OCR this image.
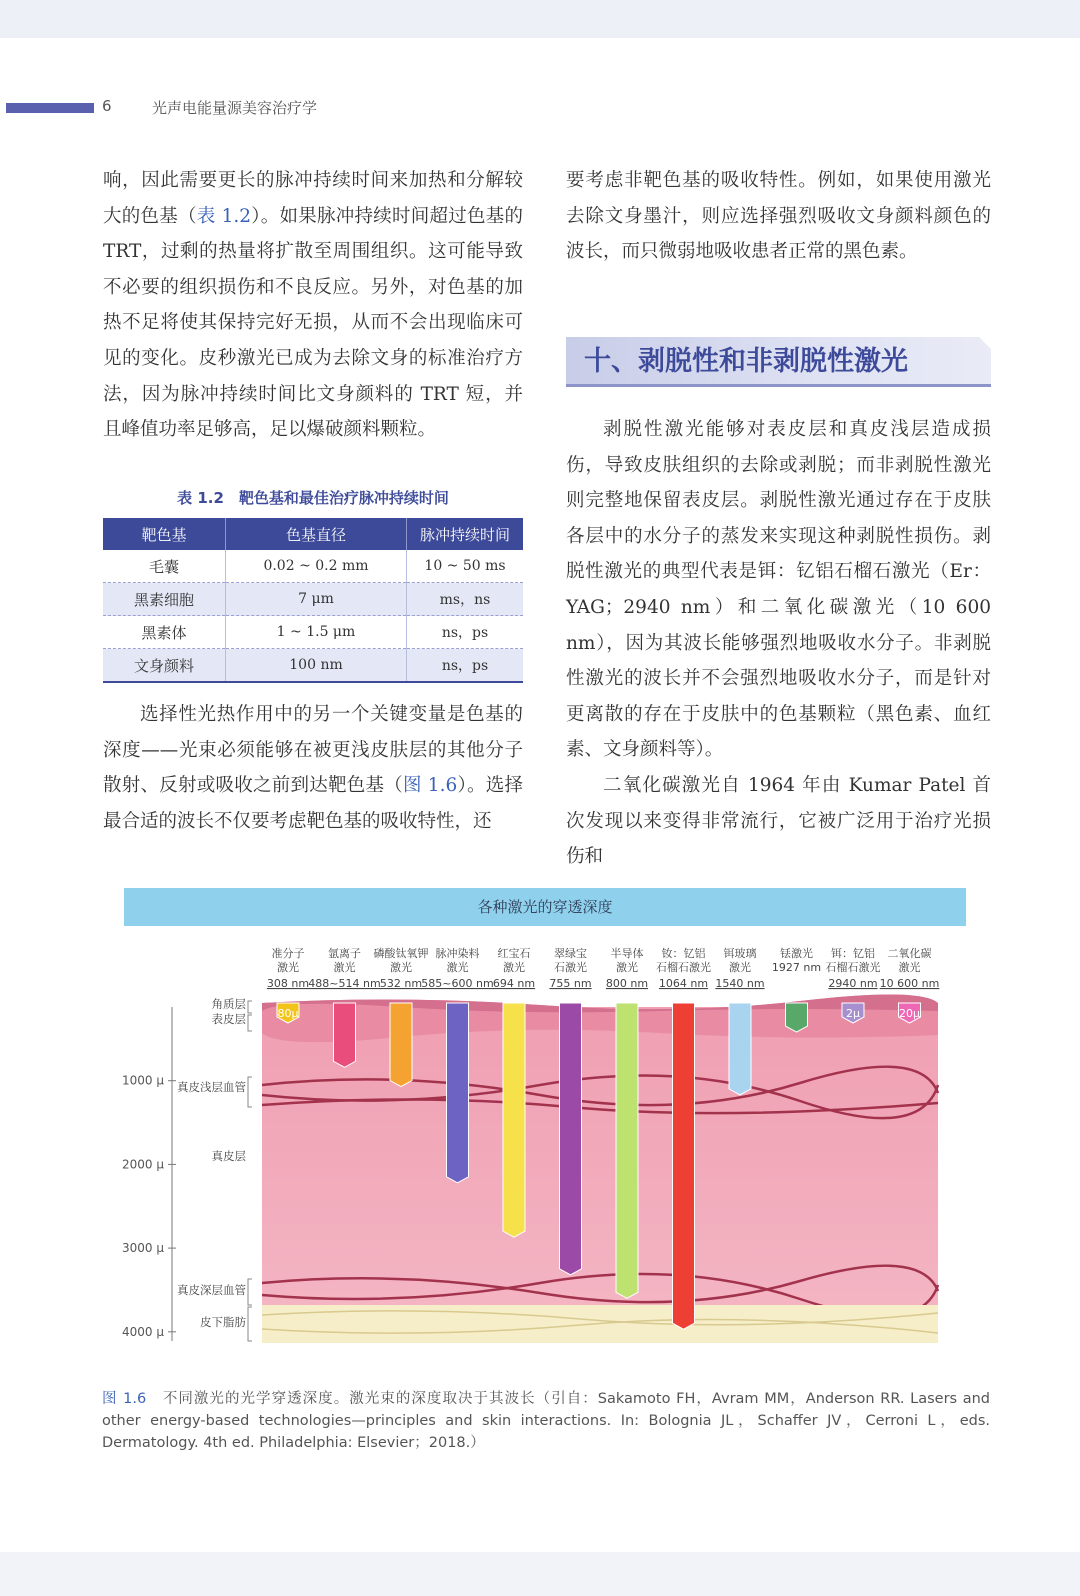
6	光声电能量源美容治疗学

响，因此需要更长的脉冲持续时间来加热和分解较大的色基（表 1.2）。如果脉冲持续时间超过色基的 TRT，过剩的热量将扩散至周围组织。这可能导致不必要的组织损伤和不良反应。另外，对色基的加热不足将使其保持完好无损，从而不会出现临床可见的变化。皮秒激光已成为去除文身的标准治疗方法，因为脉冲持续时间比文身颜料的 TRT 短，并且峰值功率足够高，足以爆破颜料颗粒。

表 1.2　靶色基和最佳治疗脉冲持续时间
靶色基	色基直径	脉冲持续时间
毛囊	0.02 ~ 0.2 mm	10 ~ 50 ms
黑素细胞	7 μm	ms，ns
黑素体	1 ~ 1.5 μm	ns，ps
文身颜料	100 nm	ns，ps

选择性光热作用中的另一个关键变量是色基的深度——光束必须能够在被更浅皮肤层的其他分子散射、反射或吸收之前到达靶色基（图 1.6）。选择最合适的波长不仅要考虑靶色基的吸收特性，还

要考虑非靶色基的吸收特性。例如，如果使用激光去除文身墨汁，则应选择强烈吸收文身颜料颜色的波长，而只微弱地吸收患者正常的黑色素。

十、剥脱性和非剥脱性激光

剥脱性激光能够对表皮层和真皮浅层造成损伤，导致皮肤组织的去除或剥脱；而非剥脱性激光则完整地保留表皮层。剥脱性激光通过存在于皮肤各层中的水分子的蒸发来实现这种剥脱性损伤。剥脱性激光的典型代表是铒：钇铝石榴石激光（Er：YAG；2940 nm）和二氧化碳激光（10 600 nm），因为其波长能够强烈地吸收水分子。非剥脱性激光的波长并不会强烈地吸收水分子，而是针对更离散的存在于皮肤中的色基颗粒（黑色素、血红素、文身颜料等）。

二氧化碳激光自 1964 年由 Kumar Patel 首次发现以来变得非常流行，它被广泛用于治疗光损伤和

各种激光的穿透深度
1000 μ
2000 μ
3000 μ
4000 μ
角质层
表皮层
真皮浅层血管
真皮层
真皮深层血管
皮下脂肪
80μ	2μ	20μ
准分子
激光
308 nm
氩离子
激光
488~514 nm
磷酸钛氧钾
激光
532 nm
脉冲染料
激光
585~600 nm
红宝石
激光
694 nm
翠绿宝
石激光
755 nm
半导体
激光
800 nm
钕：钇铝
石榴石激光
1064 nm
铒玻璃
激光
1540 nm
铥激光
1927 nm
铒：钇铝
石榴石激光
2940 nm
二氧化碳
激光
10 600 nm
图 1.6　不同激光的光学穿透深度。激光束的深度取决于其波长（引自：Sakamoto FH，Avram MM，Anderson RR. Lasers and other energy-based technologies—principles and skin interactions. In: Bolognia JL，Schaffer JV，Cerroni L，eds. Dermatology. 4th ed. Philadelphia: Elsevier；2018.）
